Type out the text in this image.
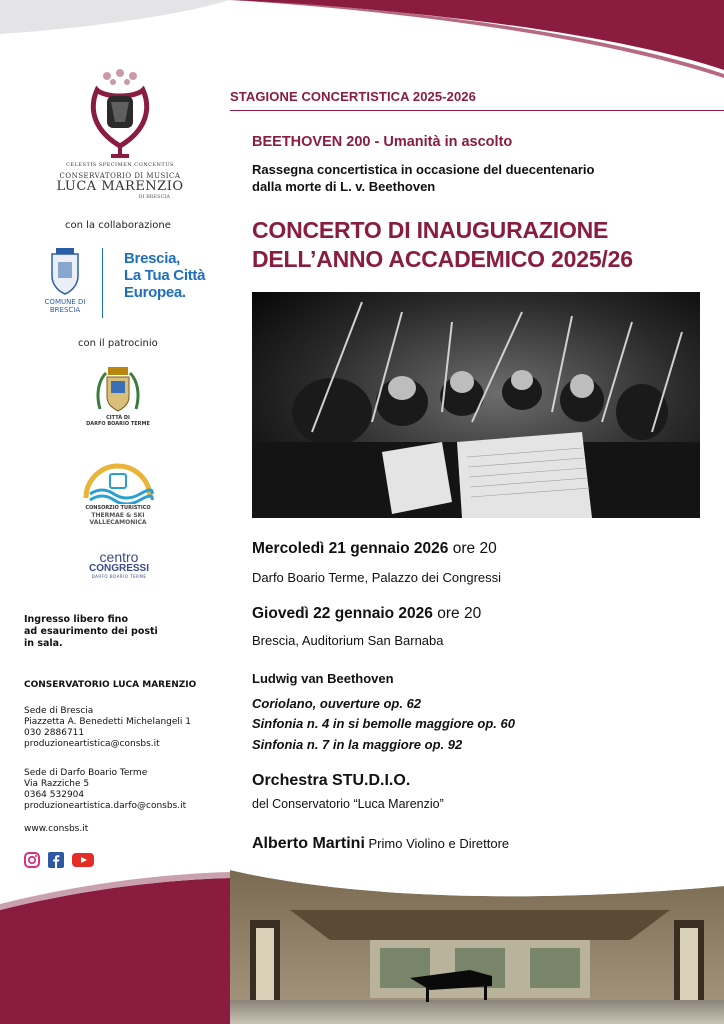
CELESTIS SPECIMEN CONCENTUS
CONSERVATORIO DI MUSICA
LUCA MARENZIO
DI BRESCIA
con la collaborazione
COMUNE DI
BRESCIA
Brescia,
La Tua Città
Europea.
con il patrocinio
CITTÀ DI
DARFO BOARIO TERME
CONSORZIO TURISTICO
THERMAE & SKI
VALLECAMONICA
centro
CONGRESSI
DARFO BOARIO TERME
Ingresso libero fino
ad esaurimento dei posti
in sala.
CONSERVATORIO LUCA MARENZIO
Sede di Brescia
Piazzetta A. Benedetti Michelangeli 1
030 2886711
produzioneartistica@consbs.it
Sede di Darfo Boario Terme
Via Razziche 5
0364 532904
produzioneartistica.darfo@consbs.it
www.consbs.it
STAGIONE CONCERTISTICA 2025-2026
BEETHOVEN 200 - Umanità in ascolto
Rassegna concertistica in occasione del duecentenario
dalla morte di L. v. Beethoven
CONCERTO DI INAUGURAZIONE
DELL’ANNO ACCADEMICO 2025/26
Mercoledì 21 gennaio 2026 ore 20
Darfo Boario Terme, Palazzo dei Congressi
Giovedì 22 gennaio 2026 ore 20
Brescia, Auditorium San Barnaba
Ludwig van Beethoven
Coriolano, ouverture op. 62
Sinfonia n. 4 in si bemolle maggiore op. 60
Sinfonia n. 7 in la maggiore op. 92
Orchestra STU.D.I.O.
del Conservatorio “Luca Marenzio”
Alberto Martini Primo Violino e Direttore
